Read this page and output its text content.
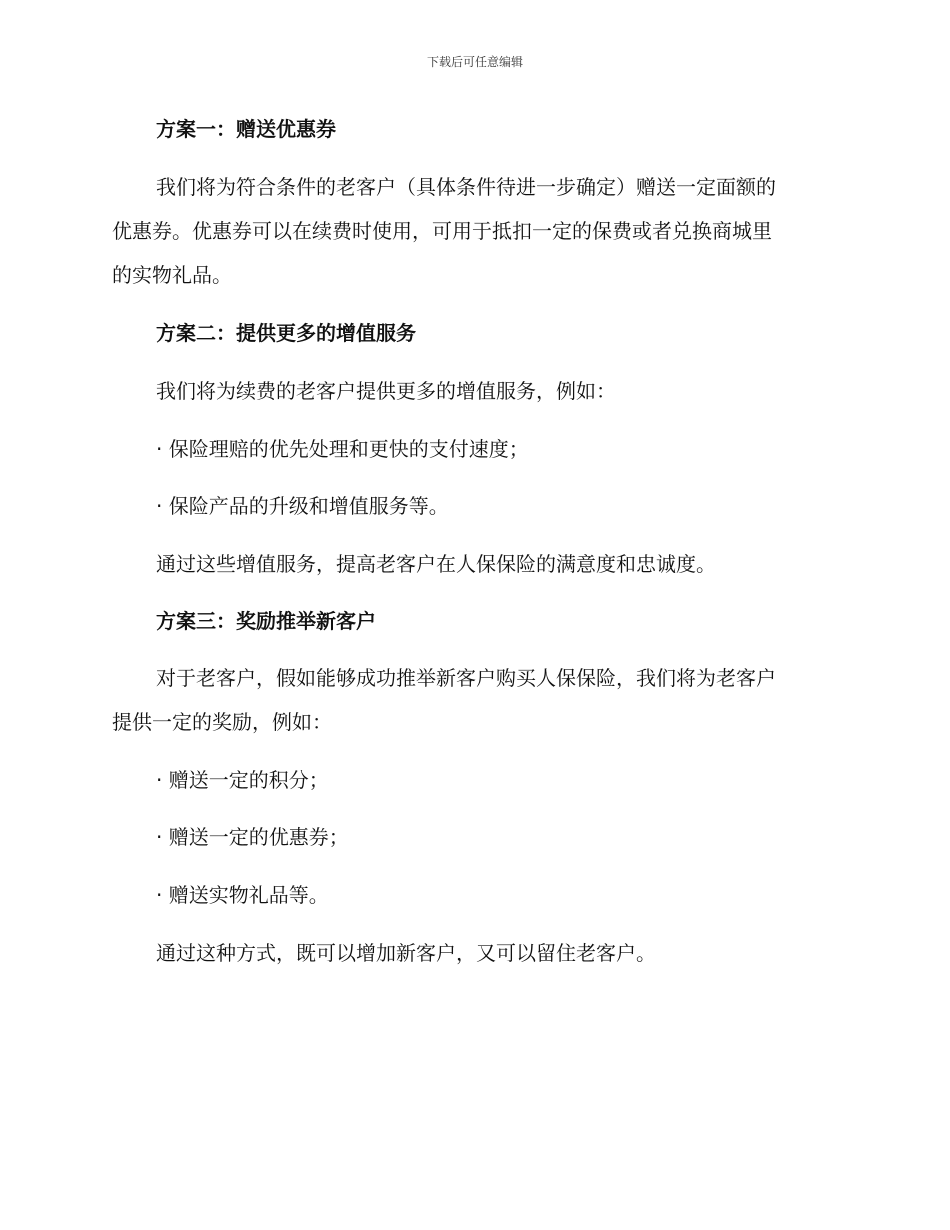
下载后可任意编辑
方案一：赠送优惠券
我们将为符合条件的老客户（具体条件待进一步确定）赠送一定面额的
优惠券。优惠券可以在续费时使用，可用于抵扣一定的保费或者兑换商城里
的实物礼品。
方案二：提供更多的增值服务
我们将为续费的老客户提供更多的增值服务，例如：
· 保险理赔的优先处理和更快的支付速度；
· 保险产品的升级和增值服务等。
通过这些增值服务，提高老客户在人保保险的满意度和忠诚度。
方案三：奖励推举新客户
对于老客户，假如能够成功推举新客户购买人保保险，我们将为老客户
提供一定的奖励，例如：
· 赠送一定的积分；
· 赠送一定的优惠券；
· 赠送实物礼品等。
通过这种方式，既可以增加新客户，又可以留住老客户。
